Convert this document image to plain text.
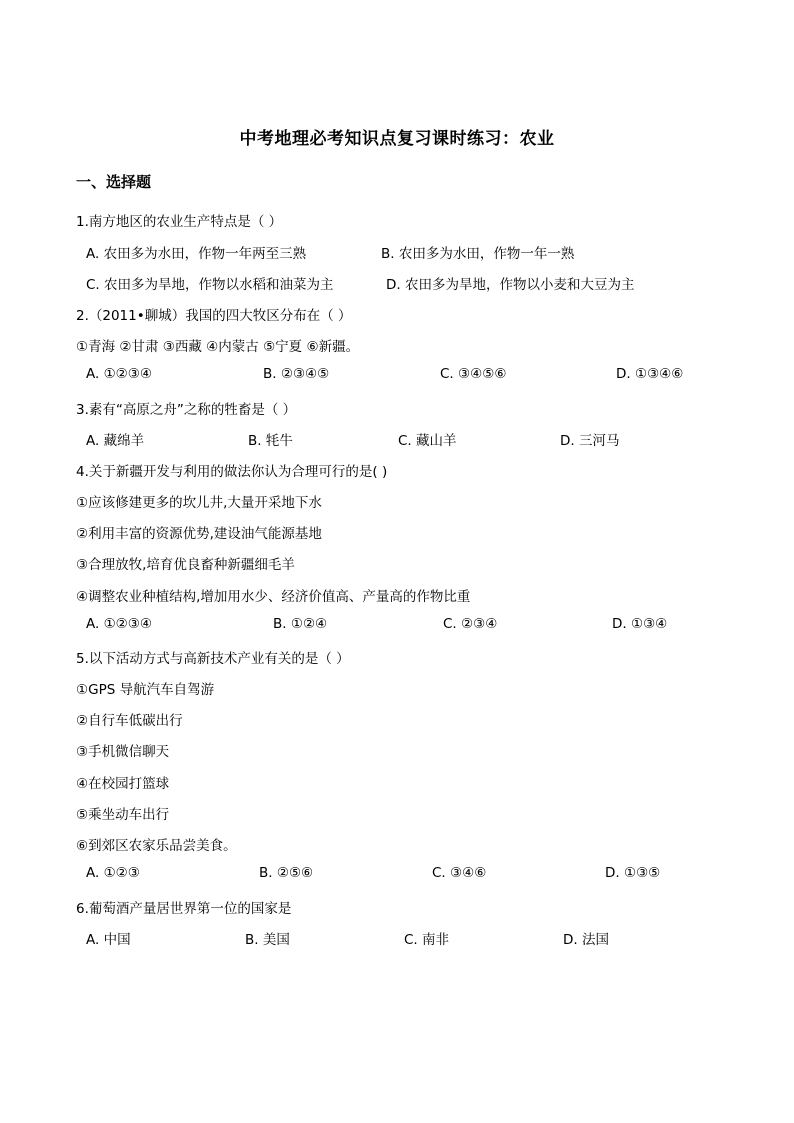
中考地理必考知识点复习课时练习：农业
一、选择题
1.南方地区的农业生产特点是（ ）
A. 农田多为水田，作物一年两至三熟	B. 农田多为水田，作物一年一熟
C. 农田多为旱地，作物以水稻和油菜为主	D. 农田多为旱地，作物以小麦和大豆为主
2.（2011•聊城）我国的四大牧区分布在（ ）
①青海 ②甘肃 ③西藏 ④内蒙古 ⑤宁夏 ⑥新疆。
A. ①②③④	B. ②③④⑤	C. ③④⑤⑥	D. ①③④⑥
3.素有“高原之舟”之称的牲畜是（ ）
A. 藏绵羊	B. 牦牛	C. 藏山羊	D. 三河马
4.关于新疆开发与利用的做法你认为合理可行的是( )
①应该修建更多的坎儿井,大量开采地下水
②利用丰富的资源优势,建设油气能源基地
③合理放牧,培育优良畜种新疆细毛羊
④调整农业种植结构,增加用水少、经济价值高、产量高的作物比重
A. ①②③④	B. ①②④	C. ②③④	D. ①③④
5.以下活动方式与高新技术产业有关的是（ ）
①GPS 导航汽车自驾游
②自行车低碳出行
③手机微信聊天
④在校园打篮球
⑤乘坐动车出行
⑥到郊区农家乐品尝美食。
A. ①②③	B. ②⑤⑥	C. ③④⑥	D. ①③⑤
6.葡萄酒产量居世界第一位的国家是
A. 中国	B. 美国	C. 南非	D. 法国
